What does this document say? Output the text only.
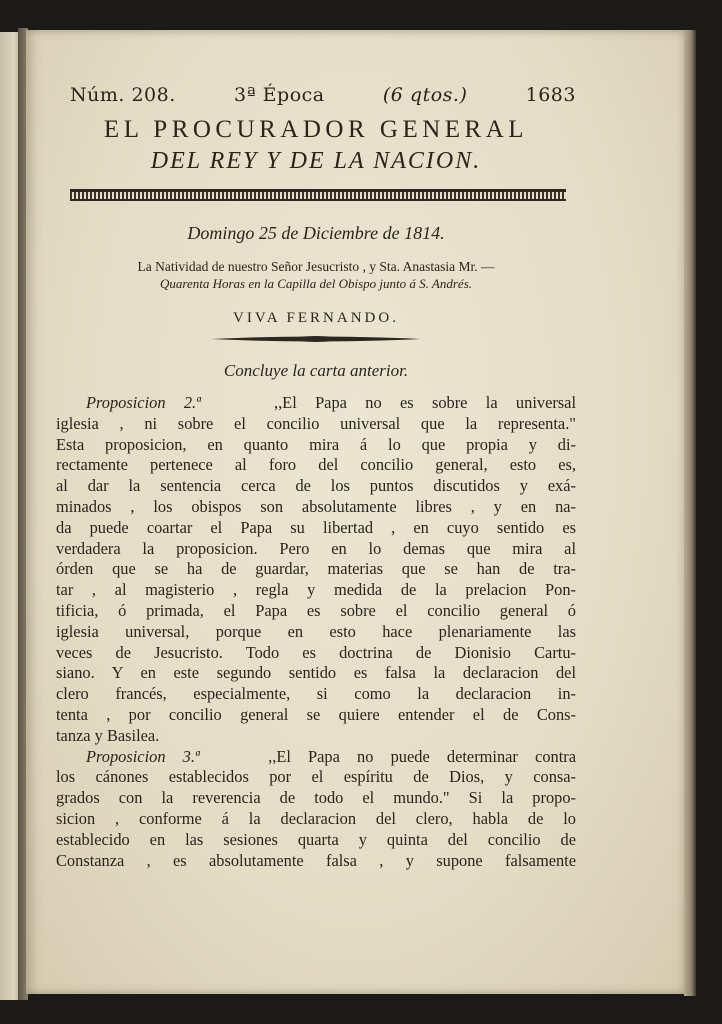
Núm. 208.	3ª Época	(6 qtos.)	1683
EL PROCURADOR GENERAL
DEL REY Y DE LA NACION.
Domingo 25 de Diciembre de 1814.
La Natividad de nuestro Señor Jesucristo , y Sta. Anastasia Mr. —
Quarenta Horas en la Capilla del Obispo junto á S. Andrés.
VIVA FERNANDO.
Concluye la carta anterior.
Proposicion 2.ª	,,El Papa no es sobre la universal
iglesia , ni sobre el concilio universal que la representa."
Esta proposicion, en quanto mira á lo que propia y di-
rectamente pertenece al foro del concilio general, esto es,
al dar la sentencia cerca de los puntos discutidos y exá-
minados , los obispos son absolutamente libres , y en na-
da puede coartar el Papa su libertad , en cuyo sentido es
verdadera la proposicion. Pero en lo demas que mira al
órden que se ha de guardar, materias que se han de tra-
tar , al magisterio , regla y medida de la prelacion Pon-
tificia, ó primada, el Papa es sobre el concilio general ó
iglesia universal, porque en esto hace plenariamente las
veces de Jesucristo. Todo es doctrina de Dionisio Cartu-
siano. Y en este segundo sentido es falsa la declaracion del
clero francés, especialmente, si como la declaracion in-
tenta , por concilio general se quiere entender el de Cons-
tanza y Basilea.
Proposicion 3.ª	,,El Papa no puede determinar contra
los cánones establecidos por el espíritu de Dios, y consa-
grados con la reverencia de todo el mundo." Si la propo-
sicion , conforme á la declaracion del clero, habla de lo
establecido en las sesiones quarta y quinta del concilio de
Constanza , es absolutamente falsa , y supone falsamente
